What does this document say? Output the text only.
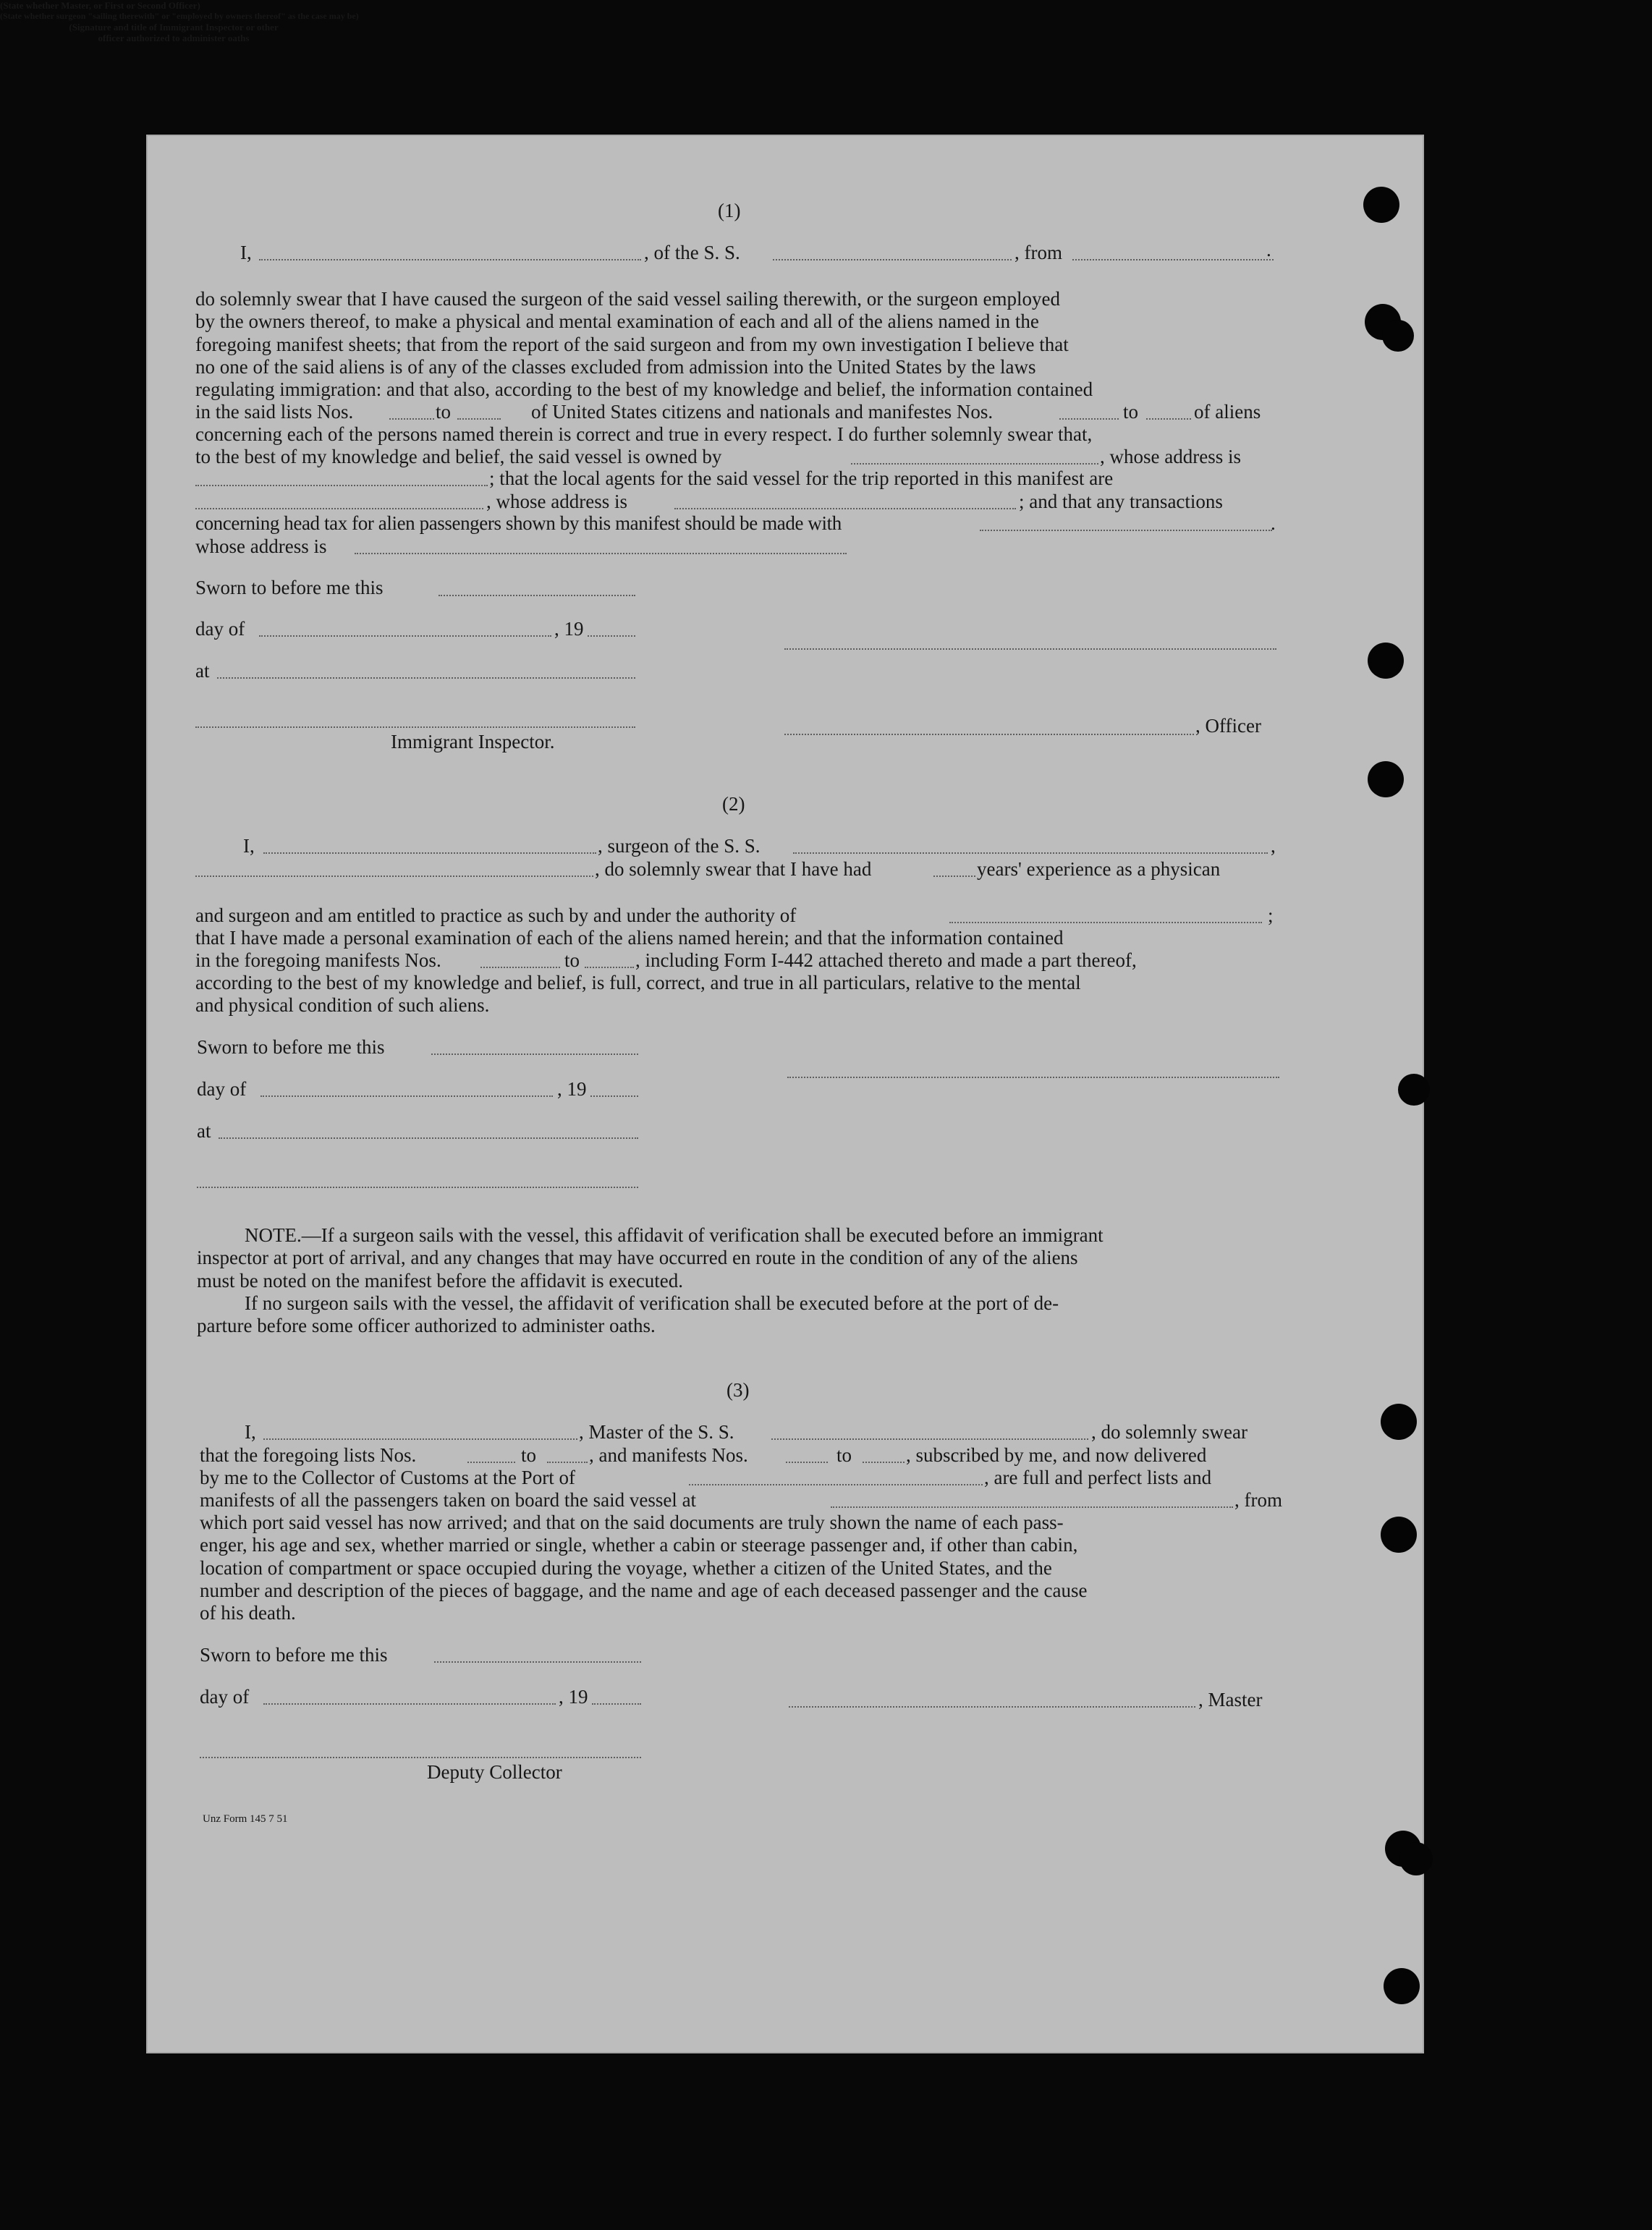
(1)
I,	, of the S. S.	, from	.
(State whether Master, or First or Second Officer)
do solemnly swear that I have caused the surgeon of the said vessel sailing therewith, or the surgeon employed
by the owners thereof, to make a physical and mental examination of each and all of the aliens named in the
foregoing manifest sheets; that from the report of the said surgeon and from my own investigation I believe that
no one of the said aliens is of any of the classes excluded from admission into the United States by the laws
regulating immigration: and that also, according to the best of my knowledge and belief, the information contained
in the said lists Nos.	to	of United States citizens and nationals and manifestes Nos.	to	of aliens
concerning each of the persons named therein is correct and true in every respect. I do further solemnly swear that,
to the best of my knowledge and belief, the said vessel is owned by	, whose address is
; that the local agents for the said vessel for the trip reported in this manifest are
, whose address is	; and that any transactions
concerning head tax for alien passengers shown by this manifest should be made with	.
whose address is
Sworn to before me this
day of	, 19
at
Immigrant Inspector.
, Officer
(2)
I,	, surgeon of the S. S.	,
, do solemnly swear that I have had	years' experience as a physican
(State whether surgeon "sailing therewith" or "employed by owners thereof" as the case may be)
and surgeon and am entitled to practice as such by and under the authority of	;
that I have made a personal examination of each of the aliens named herein; and that the information contained
in the foregoing manifests Nos.	to	, including Form I-442 attached thereto and made a part thereof,
according to the best of my knowledge and belief, is full, correct, and true in all particulars, relative to the mental
and physical condition of such aliens.
Sworn to before me this
day of	, 19
at
(Signature and title of Immigrant Inspector or other
officer authorized to administer oaths
NOTE.—If a surgeon sails with the vessel, this affidavit of verification shall be executed before an immigrant
inspector at port of arrival, and any changes that may have occurred en route in the condition of any of the aliens
must be noted on the manifest before the affidavit is executed.
If no surgeon sails with the vessel, the affidavit of verification shall be executed before at the port of de-
parture before some officer authorized to administer oaths.
(3)
I,	, Master of the S. S.	, do solemnly swear
that the foregoing lists Nos.	to	, and manifests Nos.	to	, subscribed by me, and now delivered
by me to the Collector of Customs at the Port of	, are full and perfect lists and
manifests of all the passengers taken on board the said vessel at	, from
which port said vessel has now arrived; and that on the said documents are truly shown the name of each pass-
enger, his age and sex, whether married or single, whether a cabin or steerage passenger and, if other than cabin,
location of compartment or space occupied during the voyage, whether a citizen of the United States, and the
number and description of the pieces of baggage, and the name and age of each deceased passenger and the cause
of his death.
Sworn to before me this
day of	, 19	, Master
Deputy Collector
Unz Form 145 7 51
